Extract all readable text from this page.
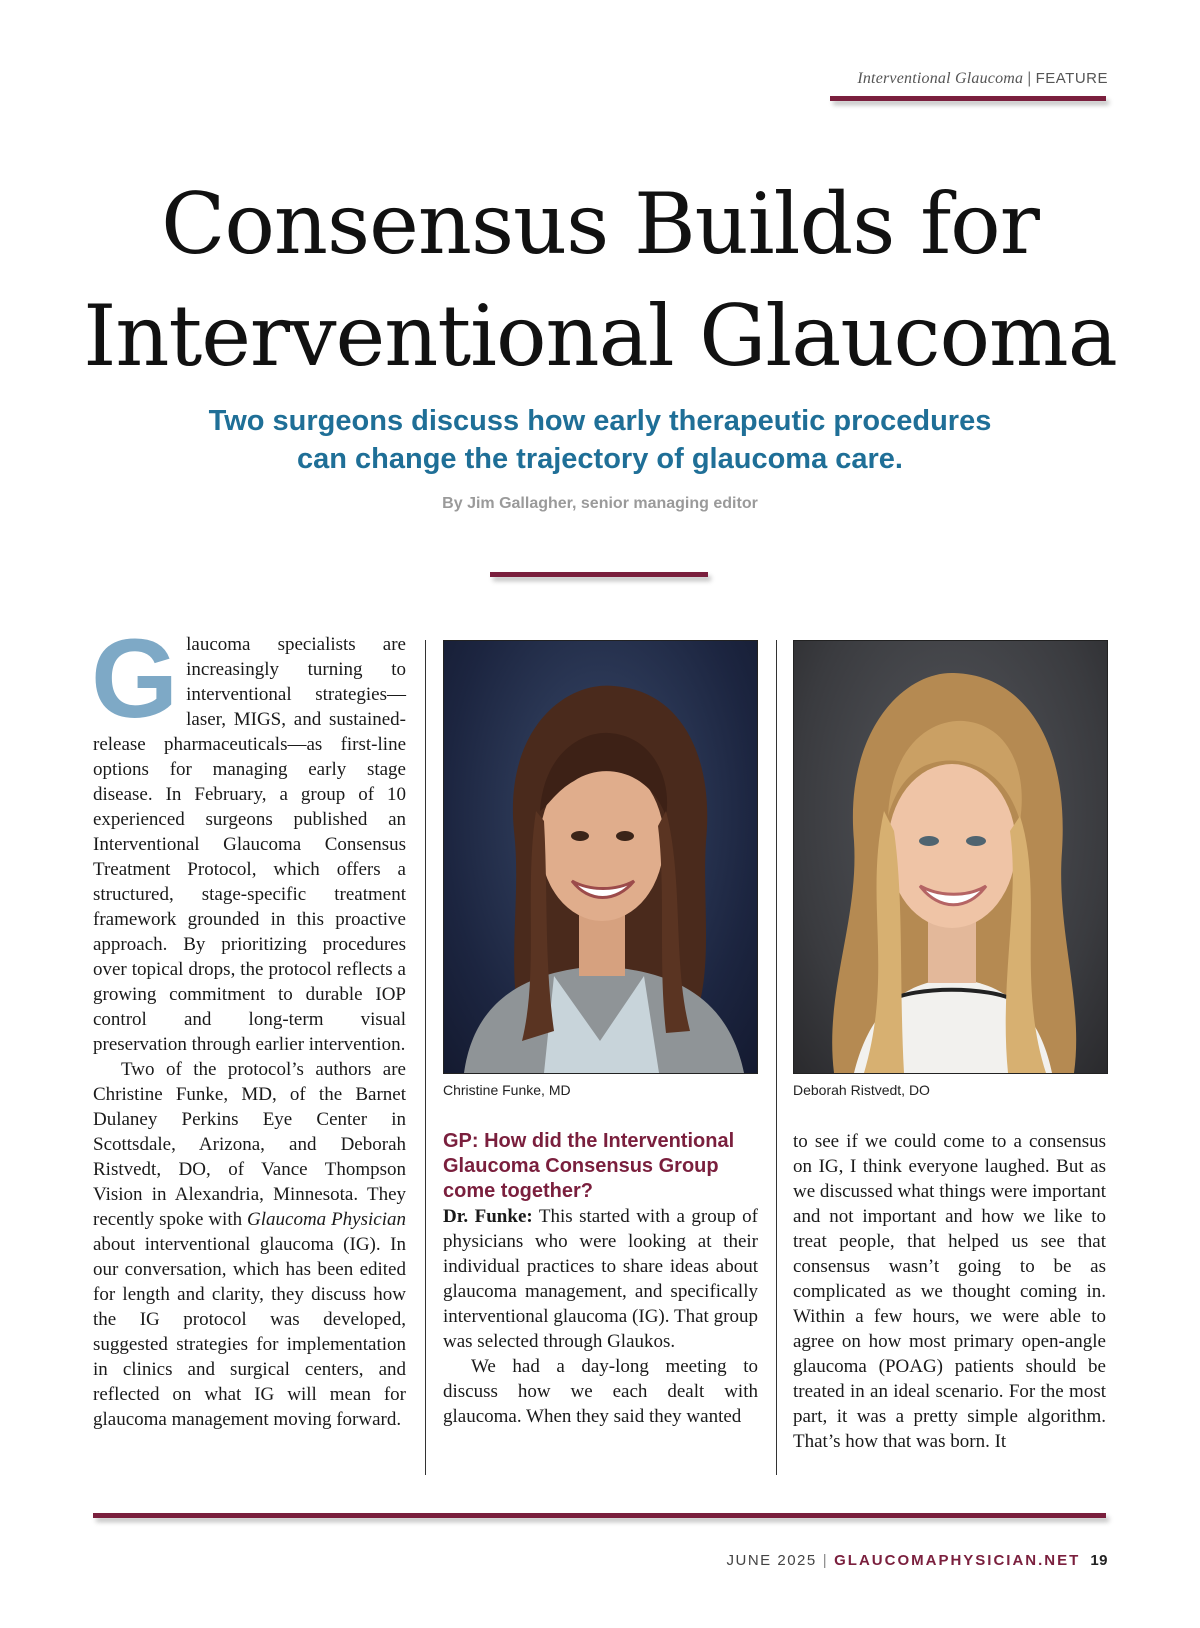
Interventional Glaucoma | FEATURE
Consensus Builds for
Interventional Glaucoma
Two surgeons discuss how early therapeutic procedures
can change the trajectory of glaucoma care.
By Jim Gallagher, senior managing editor

Glaucoma specialists are increasingly turning to interventional strategies—laser, MIGS, and sustained-release pharmaceuticals—as first-line options for managing early stage disease. In February, a group of 10 experienced surgeons published an Interventional Glaucoma Consensus Treatment Protocol, which offers a structured, stage-specific treatment framework grounded in this proactive approach. By prioritizing procedures over topical drops, the protocol reflects a growing commitment to durable IOP control and long-term visual preservation through earlier intervention.

Two of the protocol’s authors are Christine Funke, MD, of the Barnet Dulaney Perkins Eye Center in Scottsdale, Arizona, and Deborah Ristvedt, DO, of Vance Thompson Vision in Alexandria, Minnesota. They recently spoke with Glaucoma Physician about interventional glaucoma (IG). In our conversation, which has been edited for length and clarity, they discuss how the IG protocol was developed, suggested strategies for implementation in clinics and surgical centers, and reflected on what IG will mean for glaucoma management moving forward.

Christine Funke, MD	Deborah Ristvedt, DO

GP: How did the Interventional Glaucoma Consensus Group come together?

Dr. Funke: This started with a group of physicians who were looking at their individual practices to share ideas about glaucoma management, and specifically interventional glaucoma (IG). That group was selected through Glaukos.

We had a day-long meeting to discuss how we each dealt with glaucoma. When they said they wanted

to see if we could come to a consensus on IG, I think everyone laughed. But as we discussed what things were important and not important and how we like to treat people, that helped us see that consensus wasn’t going to be as complicated as we thought coming in. Within a few hours, we were able to agree on how most primary open-angle glaucoma (POAG) patients should be treated in an ideal scenario. For the most part, it was a pretty simple algorithm. That’s how that was born. It

JUNE 2025 | GLAUCOMAPHYSICIAN.NET 19
